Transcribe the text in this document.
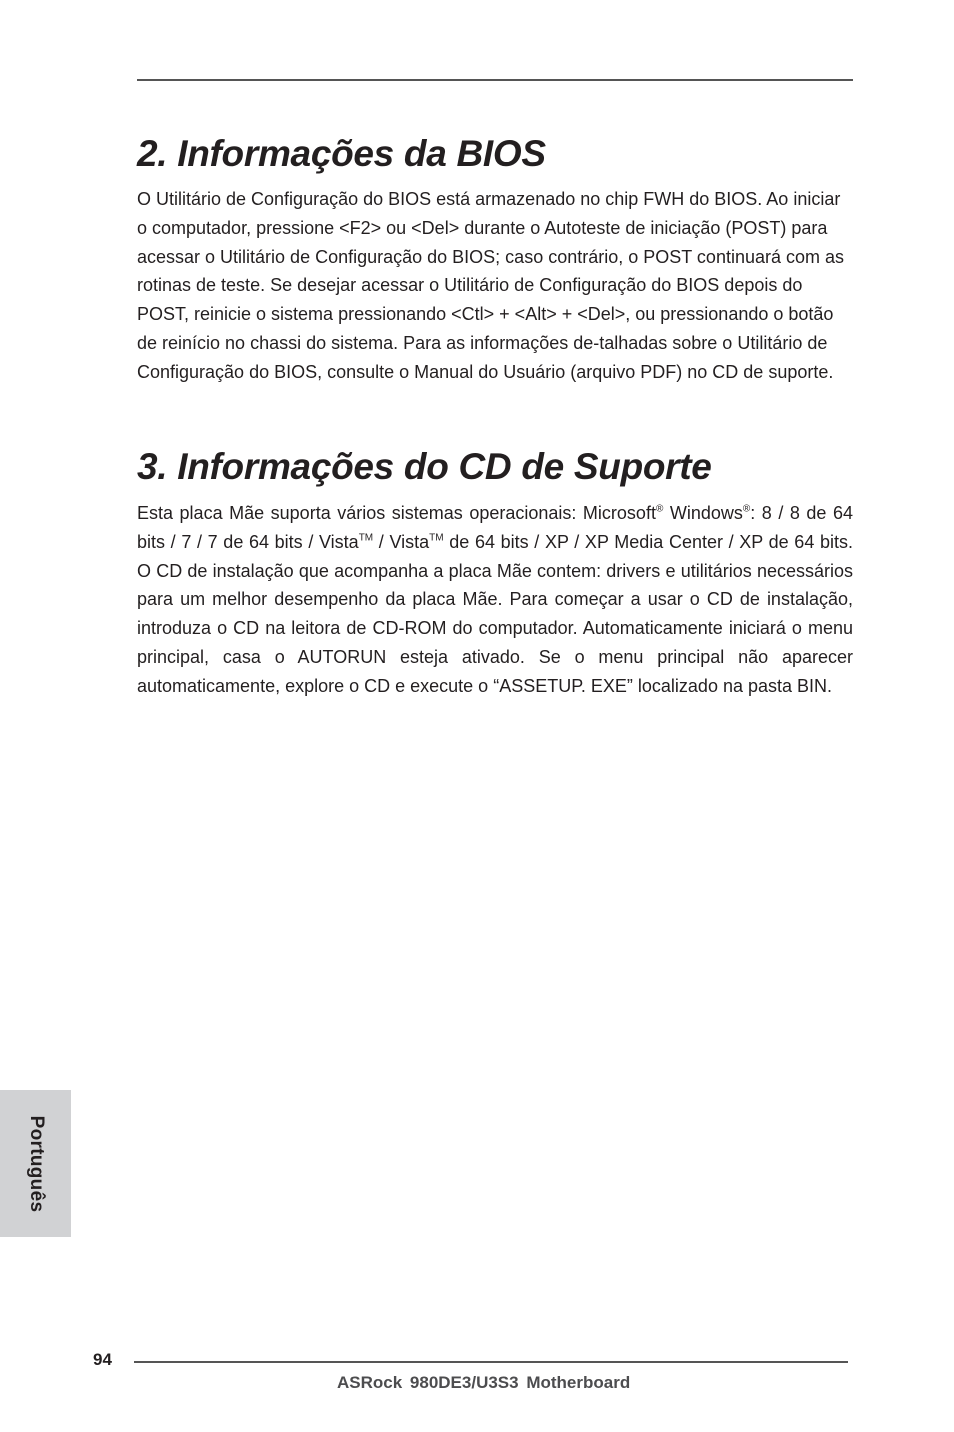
2. Informações da BIOS

O Utilitário de Configuração do BIOS está armazenado no chip FWH do BIOS. Ao iniciar o computador, pressione <F2> ou <Del> durante o Autoteste de iniciação (POST) para acessar o Utilitário de Configuração do BIOS; caso contrário, o POST continuará com as rotinas de teste. Se desejar acessar o Utilitário de Configuração do BIOS depois do POST, reinicie o sistema pressionando <Ctl> + <Alt> + <Del>, ou pressionando o botão de reinício no chassi do sistema. Para as informações de-talhadas sobre o Utilitário de Configuração do BIOS, consulte o Manual do Usuário (arquivo PDF) no CD de suporte.

3. Informações do CD de Suporte

Esta placa Mãe suporta vários sistemas operacionais: Microsoft® Windows®: 8 / 8 de 64 bits / 7 / 7 de 64 bits / Vista™ / Vista™ de 64 bits / XP / XP Media Center / XP de 64 bits. O CD de instalação que acompanha a placa Mãe contem: drivers e utilitários necessários para um melhor desempenho da placa Mãe. Para começar a usar o CD de instalação, introduza o CD na leitora de CD-ROM do computador. Automaticamente iniciará o menu principal, casa o AUTORUN esteja ativado. Se o menu principal não aparecer automaticamente, explore o CD e execute o “ASSETUP. EXE” localizado na pasta BIN.

Português
94
ASRock 980DE3/U3S3 Motherboard
